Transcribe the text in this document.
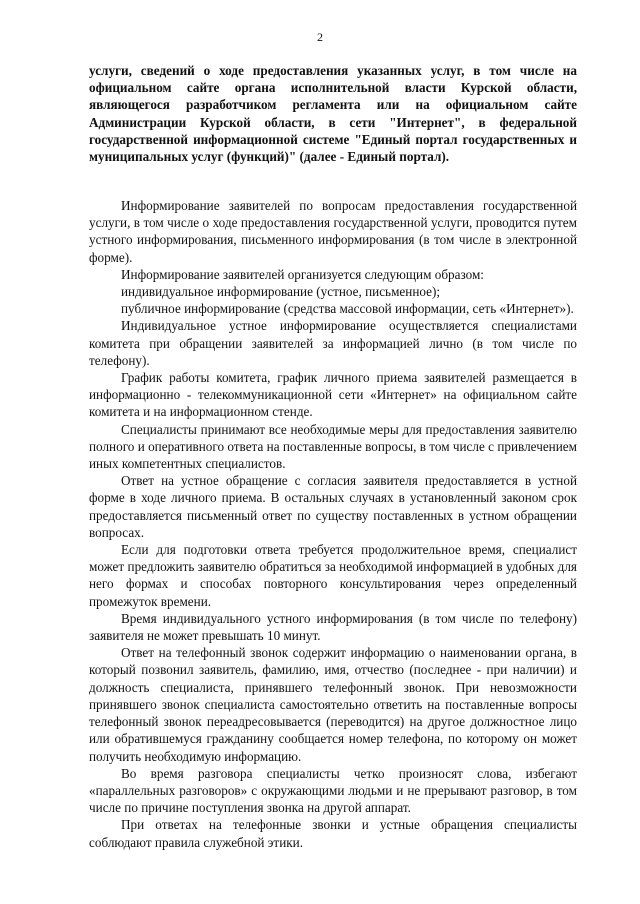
2

услуги, сведений о ходе предоставления указанных услуг, в том числе на официальном сайте органа исполнительной власти Курской области, являющегося разработчиком регламента или на официальном сайте Администрации Курской области, в сети "Интернет", в федеральной государственной информационной системе "Единый портал государственных и муниципальных услуг (функций)" (далее - Единый портал).

Информирование заявителей по вопросам предоставления государственной услуги, в том числе о ходе предоставления государственной услуги, проводится путем устного информирования, письменного информирования (в том числе в электронной форме).

Информирование заявителей организуется следующим образом:

индивидуальное информирование (устное, письменное);

публичное информирование (средства массовой информации, сеть «Интернет»).

Индивидуальное устное информирование осуществляется специалистами комитета при обращении заявителей за информацией лично (в том числе по телефону).

График работы комитета, график личного приема заявителей размещается в информационно - телекоммуникационной сети «Интернет» на официальном сайте комитета и на информационном стенде.

Специалисты принимают все необходимые меры для предоставления заявителю полного и оперативного ответа на поставленные вопросы, в том числе с привлечением иных компетентных специалистов.

Ответ на устное обращение с согласия заявителя предоставляется в устной форме в ходе личного приема. В остальных случаях в установленный законом срок предоставляется письменный ответ по существу поставленных в устном обращении вопросах.

Если для подготовки ответа требуется продолжительное время, специалист может предложить заявителю обратиться за необходимой информацией в удобных для него формах и способах повторного консультирования через определенный промежуток времени.

Время индивидуального устного информирования (в том числе по телефону) заявителя не может превышать 10 минут.

Ответ на телефонный звонок содержит информацию о наименовании органа, в который позвонил заявитель, фамилию, имя, отчество (последнее - при наличии) и должность специалиста, принявшего телефонный звонок. При невозможности принявшего звонок специалиста самостоятельно ответить на поставленные вопросы телефонный звонок переадресовывается (переводится) на другое должностное лицо или обратившемуся гражданину сообщается номер телефона, по которому он может получить необходимую информацию.

Во время разговора специалисты четко произносят слова, избегают «параллельных разговоров» с окружающими людьми и не прерывают разговор, в том числе по причине поступления звонка на другой аппарат.

При ответах на телефонные звонки и устные обращения специалисты соблюдают правила служебной этики.
